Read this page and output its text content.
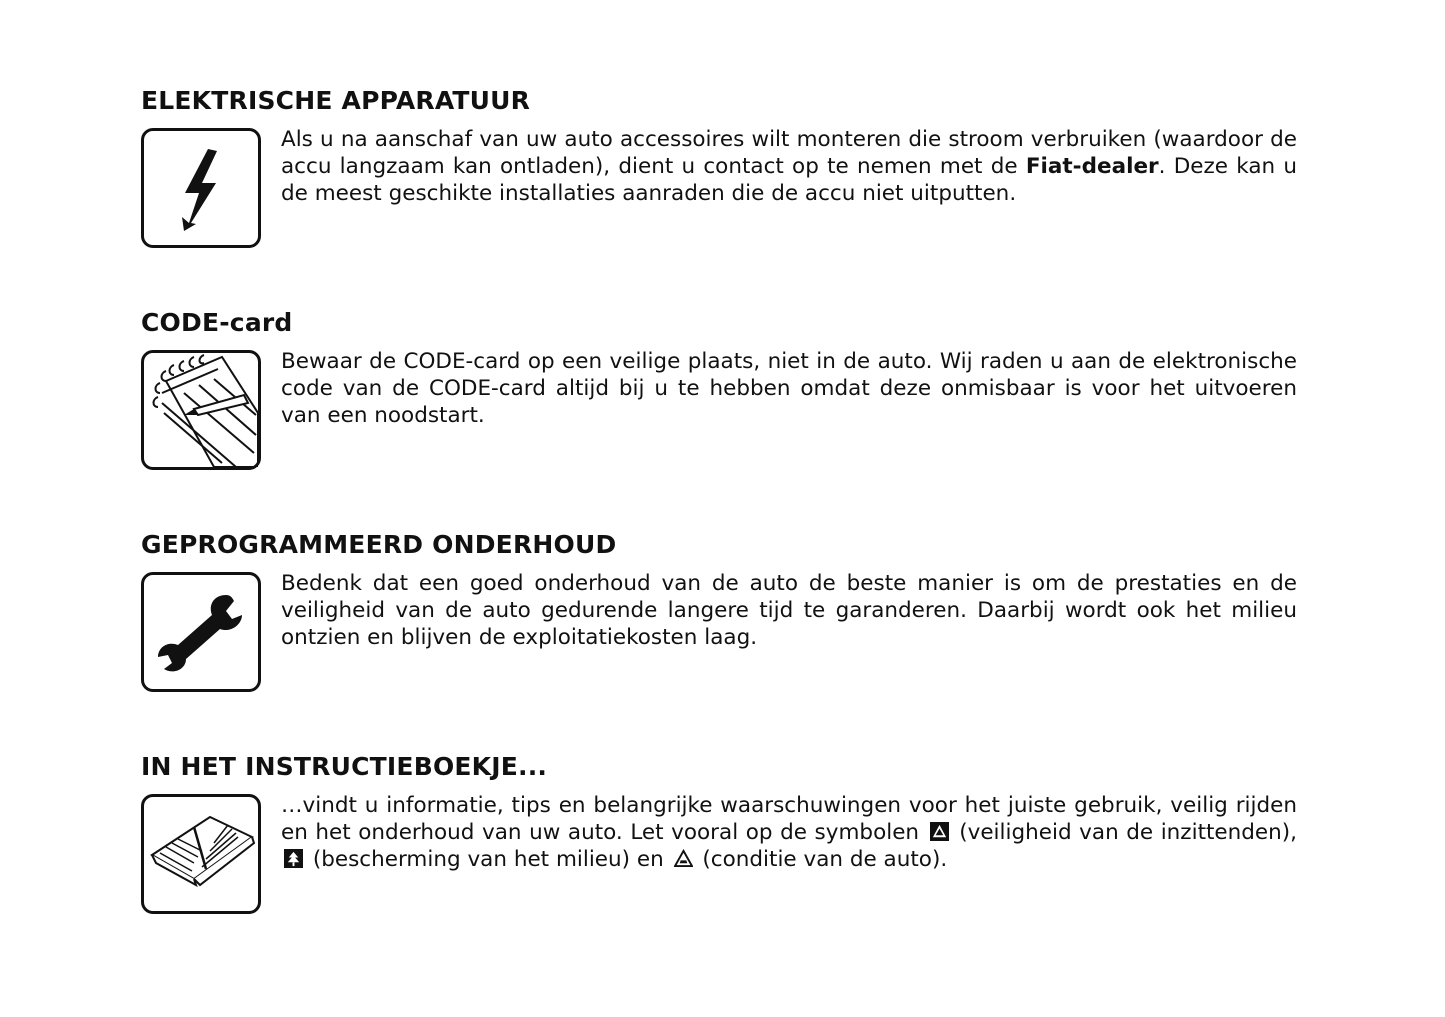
ELEKTRISCHE APPARATUUR
Als u na aanschaf van uw auto accessoires wilt monteren die stroom verbruiken (waardoor de accu langzaam kan ontladen), dient u contact op te nemen met de Fiat-dealer. Deze kan u de meest geschikte installaties aanraden die de accu niet uitputten.
CODE-card
Bewaar de CODE-card op een veilige plaats, niet in de auto. Wij raden u aan de elektronische code van de CODE-card altijd bij u te hebben omdat deze onmisbaar is voor het uitvoeren van een noodstart.
GEPROGRAMMEERD ONDERHOUD
Bedenk dat een goed onderhoud van de auto de beste manier is om de prestaties en de veiligheid van de auto gedurende langere tijd te garanderen. Daarbij wordt ook het milieu ontzien en blijven de exploitatiekosten laag.
IN HET INSTRUCTIEBOEKJE...
…vindt u informatie, tips en belangrijke waarschuwingen voor het juiste gebruik, veilig rijden en het onderhoud van uw auto. Let vooral op de symbolen
(veiligheid van de inzittenden),
(bescherming van het milieu) en
(conditie van de auto).
